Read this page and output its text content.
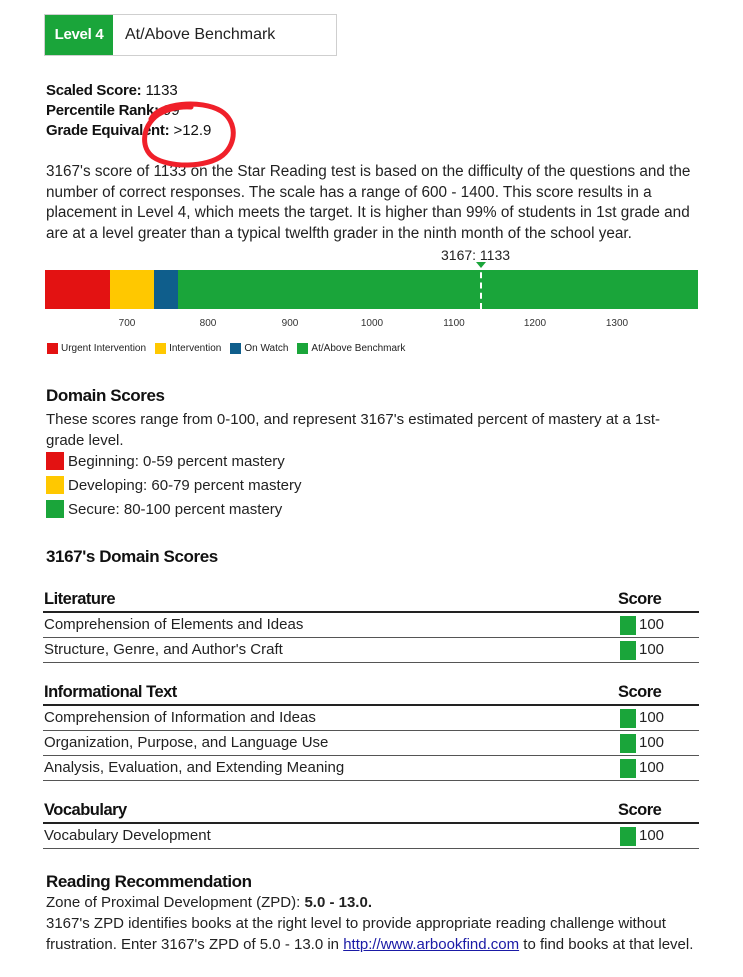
Level 4	At/Above Benchmark
Scaled Score: 1133
Percentile Rank: 99
Grade Equivalent: >12.9
3167's score of 1133 on the Star Reading test is based on the difficulty of the questions and the number of correct responses. The scale has a range of 600 - 1400. This score results in a placement in Level 4, which meets the target. It is higher than 99% of students in 1st grade and are at a level greater than a typical twelfth grader in the ninth month of the school year.
3167: 1133
700	800	900	1000	1100	1200	1300
Urgent Intervention Intervention On Watch At/Above Benchmark
Domain Scores
These scores range from 0-100, and represent 3167's estimated percent of mastery at a 1st-grade level.
Beginning: 0-59 percent mastery
Developing: 60-79 percent mastery
Secure: 80-100 percent mastery
3167's Domain Scores
Literature	Score
Comprehension of Elements and Ideas	100
Structure, Genre, and Author's Craft	100
Informational Text	Score
Comprehension of Information and Ideas	100
Organization, Purpose, and Language Use	100
Analysis, Evaluation, and Extending Meaning	100
Vocabulary	Score
Vocabulary Development	100
Reading Recommendation
Zone of Proximal Development (ZPD): 5.0 - 13.0.
3167's ZPD identifies books at the right level to provide appropriate reading challenge without frustration. Enter 3167's ZPD of 5.0 - 13.0 in http://www.arbookfind.com to find books at that level.
